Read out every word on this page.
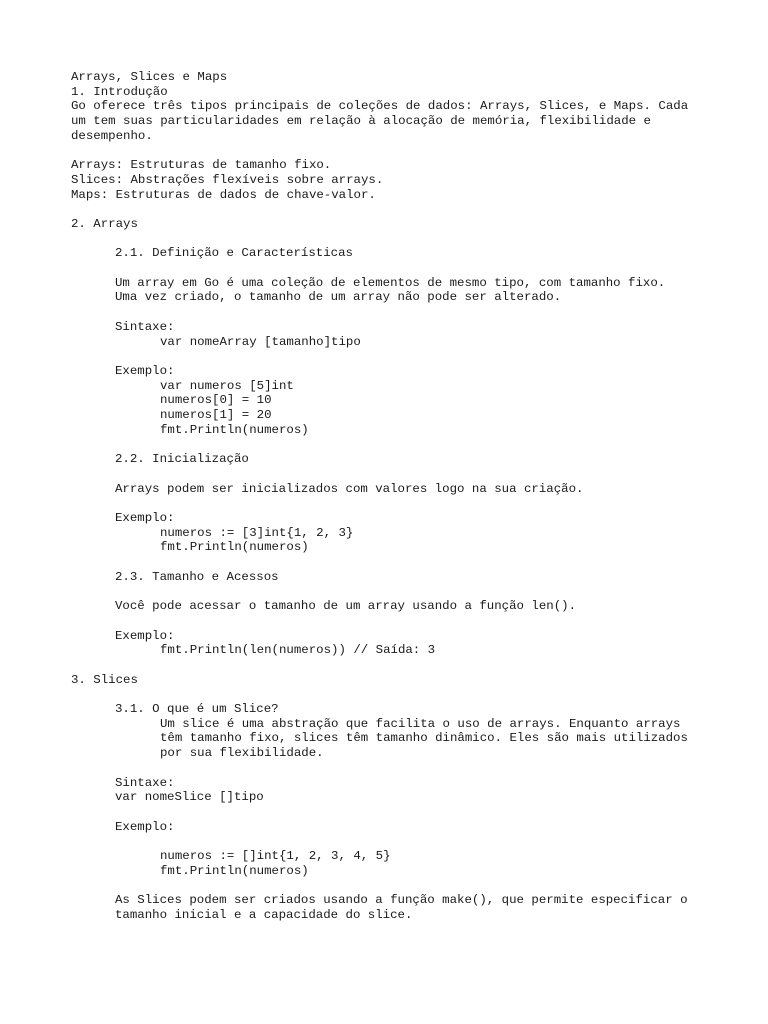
Arrays, Slices e Maps
1. Introdução
Go oferece três tipos principais de coleções de dados: Arrays, Slices, e Maps. Cada
um tem suas particularidades em relação à alocação de memória, flexibilidade e
desempenho.
Arrays: Estruturas de tamanho fixo.
Slices: Abstrações flexíveis sobre arrays.
Maps: Estruturas de dados de chave-valor.
2. Arrays
2.1. Definição e Características
Um array em Go é uma coleção de elementos de mesmo tipo, com tamanho fixo.
Uma vez criado, o tamanho de um array não pode ser alterado.
Sintaxe:
var nomeArray [tamanho]tipo
Exemplo:
var numeros [5]int
numeros[0] = 10
numeros[1] = 20
fmt.Println(numeros)
2.2. Inicialização
Arrays podem ser inicializados com valores logo na sua criação.
Exemplo:
numeros := [3]int{1, 2, 3}
fmt.Println(numeros)
2.3. Tamanho e Acessos
Você pode acessar o tamanho de um array usando a função len().
Exemplo:
fmt.Println(len(numeros)) // Saída: 3
3. Slices
3.1. O que é um Slice?
Um slice é uma abstração que facilita o uso de arrays. Enquanto arrays
têm tamanho fixo, slices têm tamanho dinâmico. Eles são mais utilizados
por sua flexibilidade.
Sintaxe:
var nomeSlice []tipo
Exemplo:
numeros := []int{1, 2, 3, 4, 5}
fmt.Println(numeros)
As Slices podem ser criados usando a função make(), que permite especificar o
tamanho inicial e a capacidade do slice.
